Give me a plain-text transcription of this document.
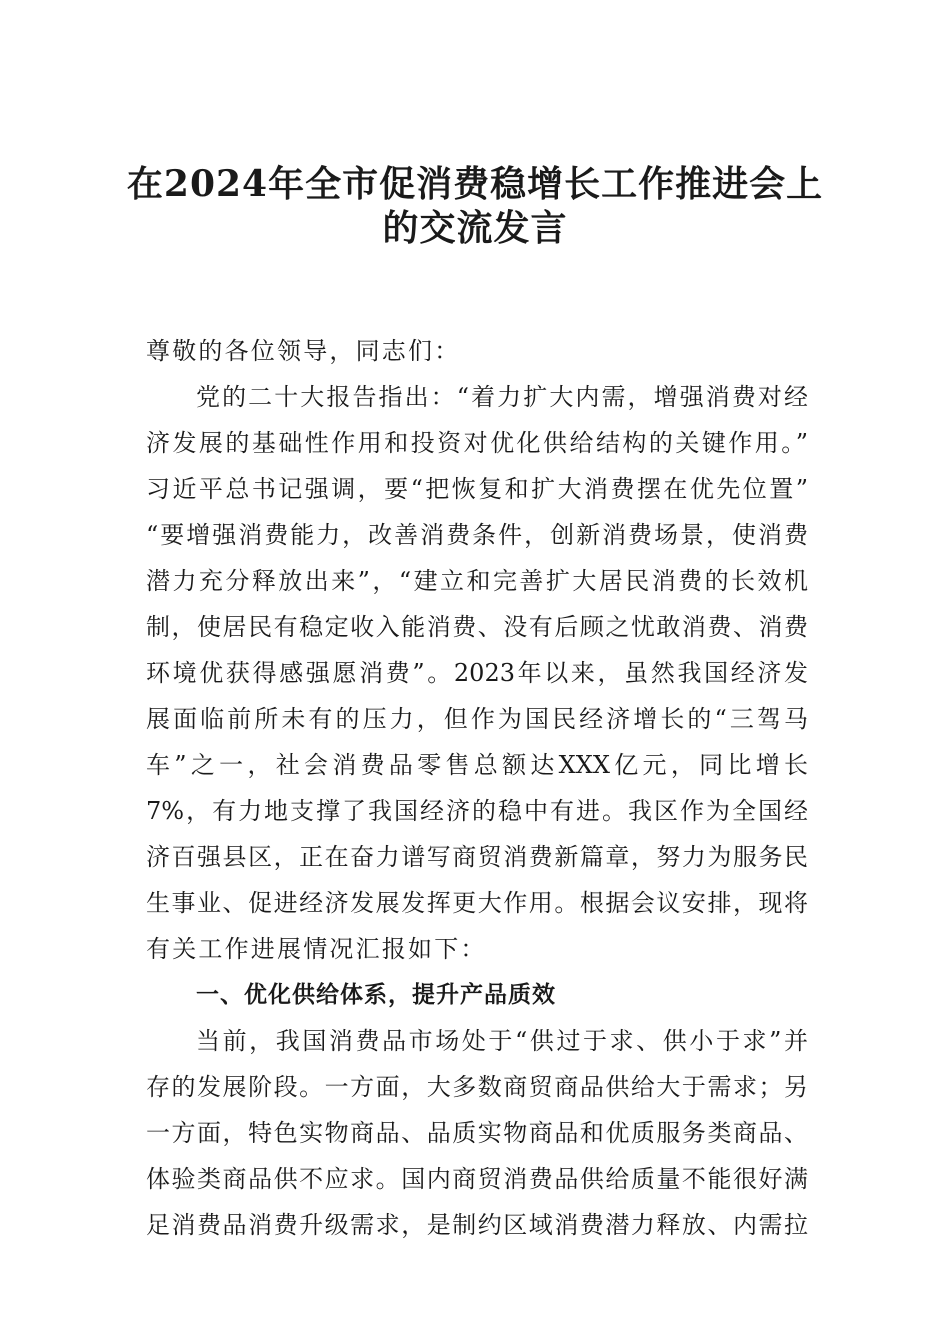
在2024年全市促消费稳增长工作推进会上
的交流发言
尊敬的各位领导，同志们：
党的二十大报告指出：“着力扩大内需，增强消费对经
济发展的基础性作用和投资对优化供给结构的关键作用。”
习近平总书记强调，要“把恢复和扩大消费摆在优先位置”
“要增强消费能力，改善消费条件，创新消费场景，使消费
潜力充分释放出来”，“建立和完善扩大居民消费的长效机
制，使居民有稳定收入能消费、没有后顾之忧敢消费、消费
环境优获得感强愿消费”。2023年以来，虽然我国经济发
展面临前所未有的压力，但作为国民经济增长的“三驾马
车”之一，社会消费品零售总额达XXX亿元，同比增长
7%，有力地支撑了我国经济的稳中有进。我区作为全国经
济百强县区，正在奋力谱写商贸消费新篇章，努力为服务民
生事业、促进经济发展发挥更大作用。根据会议安排，现将
有关工作进展情况汇报如下：
一、优化供给体系，提升产品质效
当前，我国消费品市场处于“供过于求、供小于求”并
存的发展阶段。一方面，大多数商贸商品供给大于需求；另
一方面，特色实物商品、品质实物商品和优质服务类商品、
体验类商品供不应求。国内商贸消费品供给质量不能很好满
足消费品消费升级需求，是制约区域消费潜力释放、内需拉
